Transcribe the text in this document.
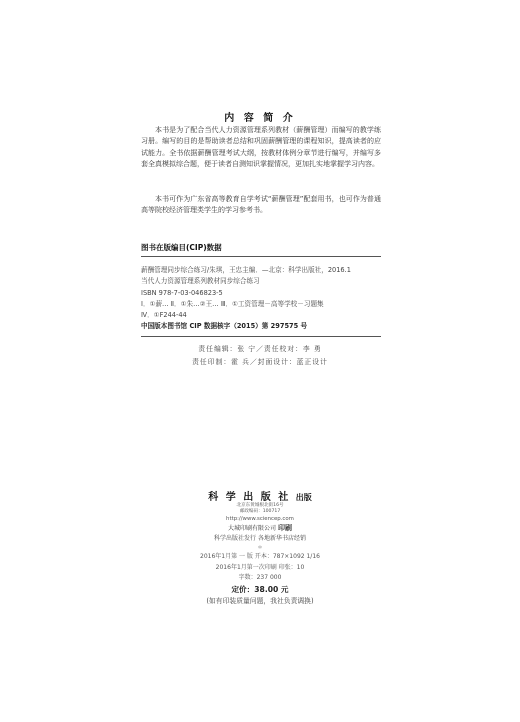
内 容 简 介
本书是为了配合当代人力资源管理系列教材（薪酬管理）而编写的教学练习册。编写的目的是帮助读者总结和巩固薪酬管理的课程知识，提高读者的应试能力。全书依据薪酬管理考试大纲，按教材体例分章节进行编写，并编写多套全真模拟综合题，便于读者自测知识掌握情况，更加扎实地掌握学习内容。
本书可作为广东省高等教育自学考试“薪酬管理”配套用书，也可作为普通高等院校经济管理类学生的学习参考书。
图书在版编目(CIP)数据
薪酬管理同步综合练习/朱琪，王忠主编．—北京：科学出版社，2016.1
当代人力资源管理系列教材同步综合练习
ISBN 978-7-03-046823-5
Ⅰ．①薪… Ⅱ．①朱…②王… Ⅲ．①工资管理－高等学校－习题集
Ⅳ．①F244-44
中国版本图书馆 CIP 数据核字（2015）第 297575 号
责任编辑：张 宁／责任校对：李 勇
责任印制：霍 兵／封面设计：蓝正设计
科 学 出 版 社 出版
北京东黄城根北街16号
邮政编码：100717
http://www.sciencep.com
大城印刷有限公司 印刷
科学出版社发行 各地新华书店经销
＊
2016年1月第 一 版 开本：787×1092 1/16
2016年1月第一次印刷 印张：10
字数：237 000
定价：38.00 元
(如有印装质量问题，我社负责调换)
